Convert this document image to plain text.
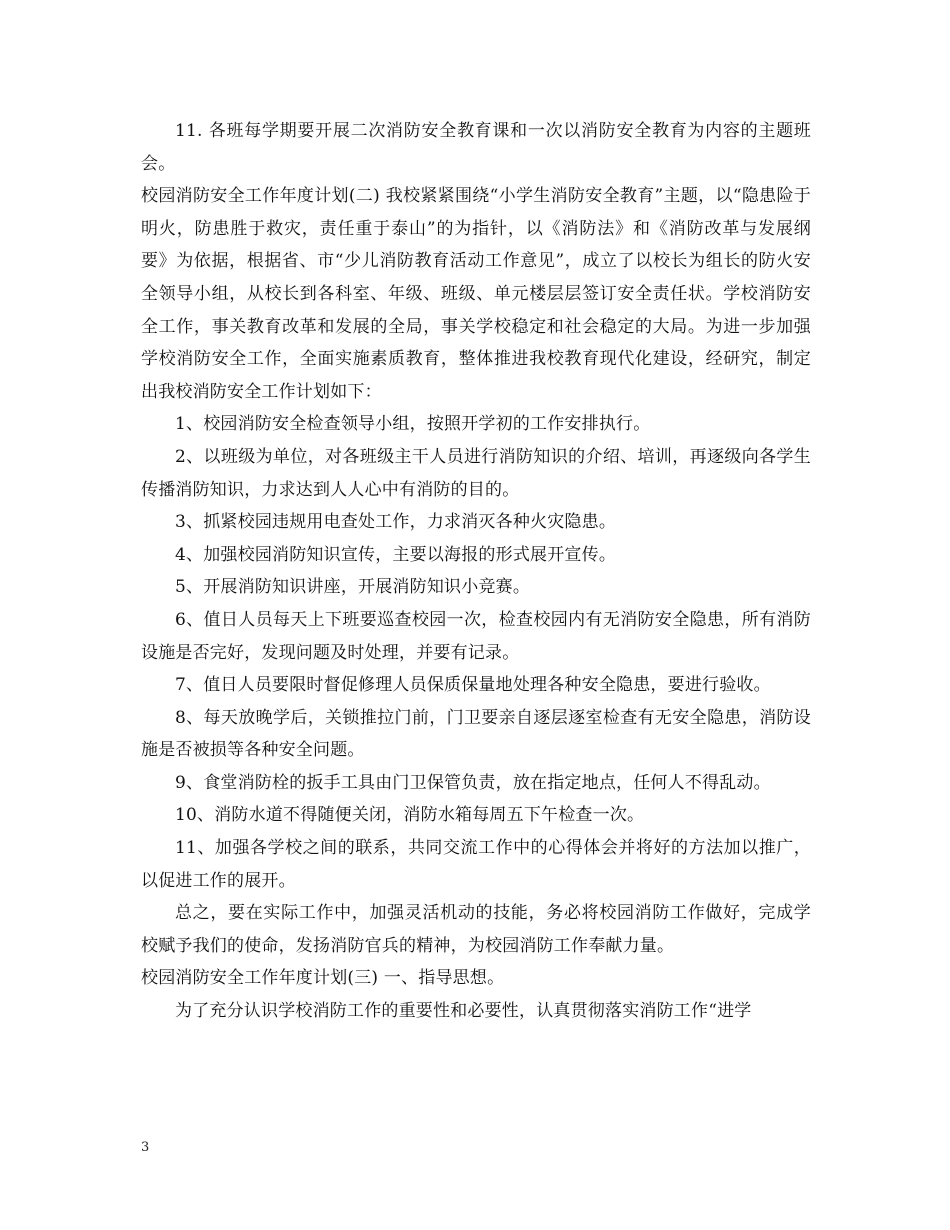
11. 各班每学期要开展二次消防安全教育课和一次以消防安全教育为内容的主题班会。

校园消防安全工作年度计划(二) 我校紧紧围绕“小学生消防安全教育”主题，以“隐患险于明火，防患胜于救灾，责任重于泰山”的为指针，以《消防法》和《消防改革与发展纲要》为依据，根据省、市“少儿消防教育活动工作意见”，成立了以校长为组长的防火安全领导小组，从校长到各科室、年级、班级、单元楼层层签订安全责任状。学校消防安全工作，事关教育改革和发展的全局，事关学校稳定和社会稳定的大局。为进一步加强学校消防安全工作，全面实施素质教育，整体推进我校教育现代化建设，经研究，制定出我校消防安全工作计划如下：

1、校园消防安全检查领导小组，按照开学初的工作安排执行。

2、以班级为单位，对各班级主干人员进行消防知识的介绍、培训，再逐级向各学生传播消防知识，力求达到人人心中有消防的目的。

3、抓紧校园违规用电查处工作，力求消灭各种火灾隐患。

4、加强校园消防知识宣传，主要以海报的形式展开宣传。

5、开展消防知识讲座，开展消防知识小竞赛。

6、值日人员每天上下班要巡查校园一次，检查校园内有无消防安全隐患，所有消防设施是否完好，发现问题及时处理，并要有记录。

7、值日人员要限时督促修理人员保质保量地处理各种安全隐患，要进行验收。

8、每天放晚学后，关锁推拉门前，门卫要亲自逐层逐室检查有无安全隐患，消防设施是否被损等各种安全问题。

9、食堂消防栓的扳手工具由门卫保管负责，放在指定地点，任何人不得乱动。

10、消防水道不得随便关闭，消防水箱每周五下午检查一次。

11、加强各学校之间的联系，共同交流工作中的心得体会并将好的方法加以推广，以促进工作的展开。

总之，要在实际工作中，加强灵活机动的技能，务必将校园消防工作做好，完成学校赋予我们的使命，发扬消防官兵的精神，为校园消防工作奉献力量。

校园消防安全工作年度计划(三) 一、指导思想。

为了充分认识学校消防工作的重要性和必要性，认真贯彻落实消防工作“进学

3
